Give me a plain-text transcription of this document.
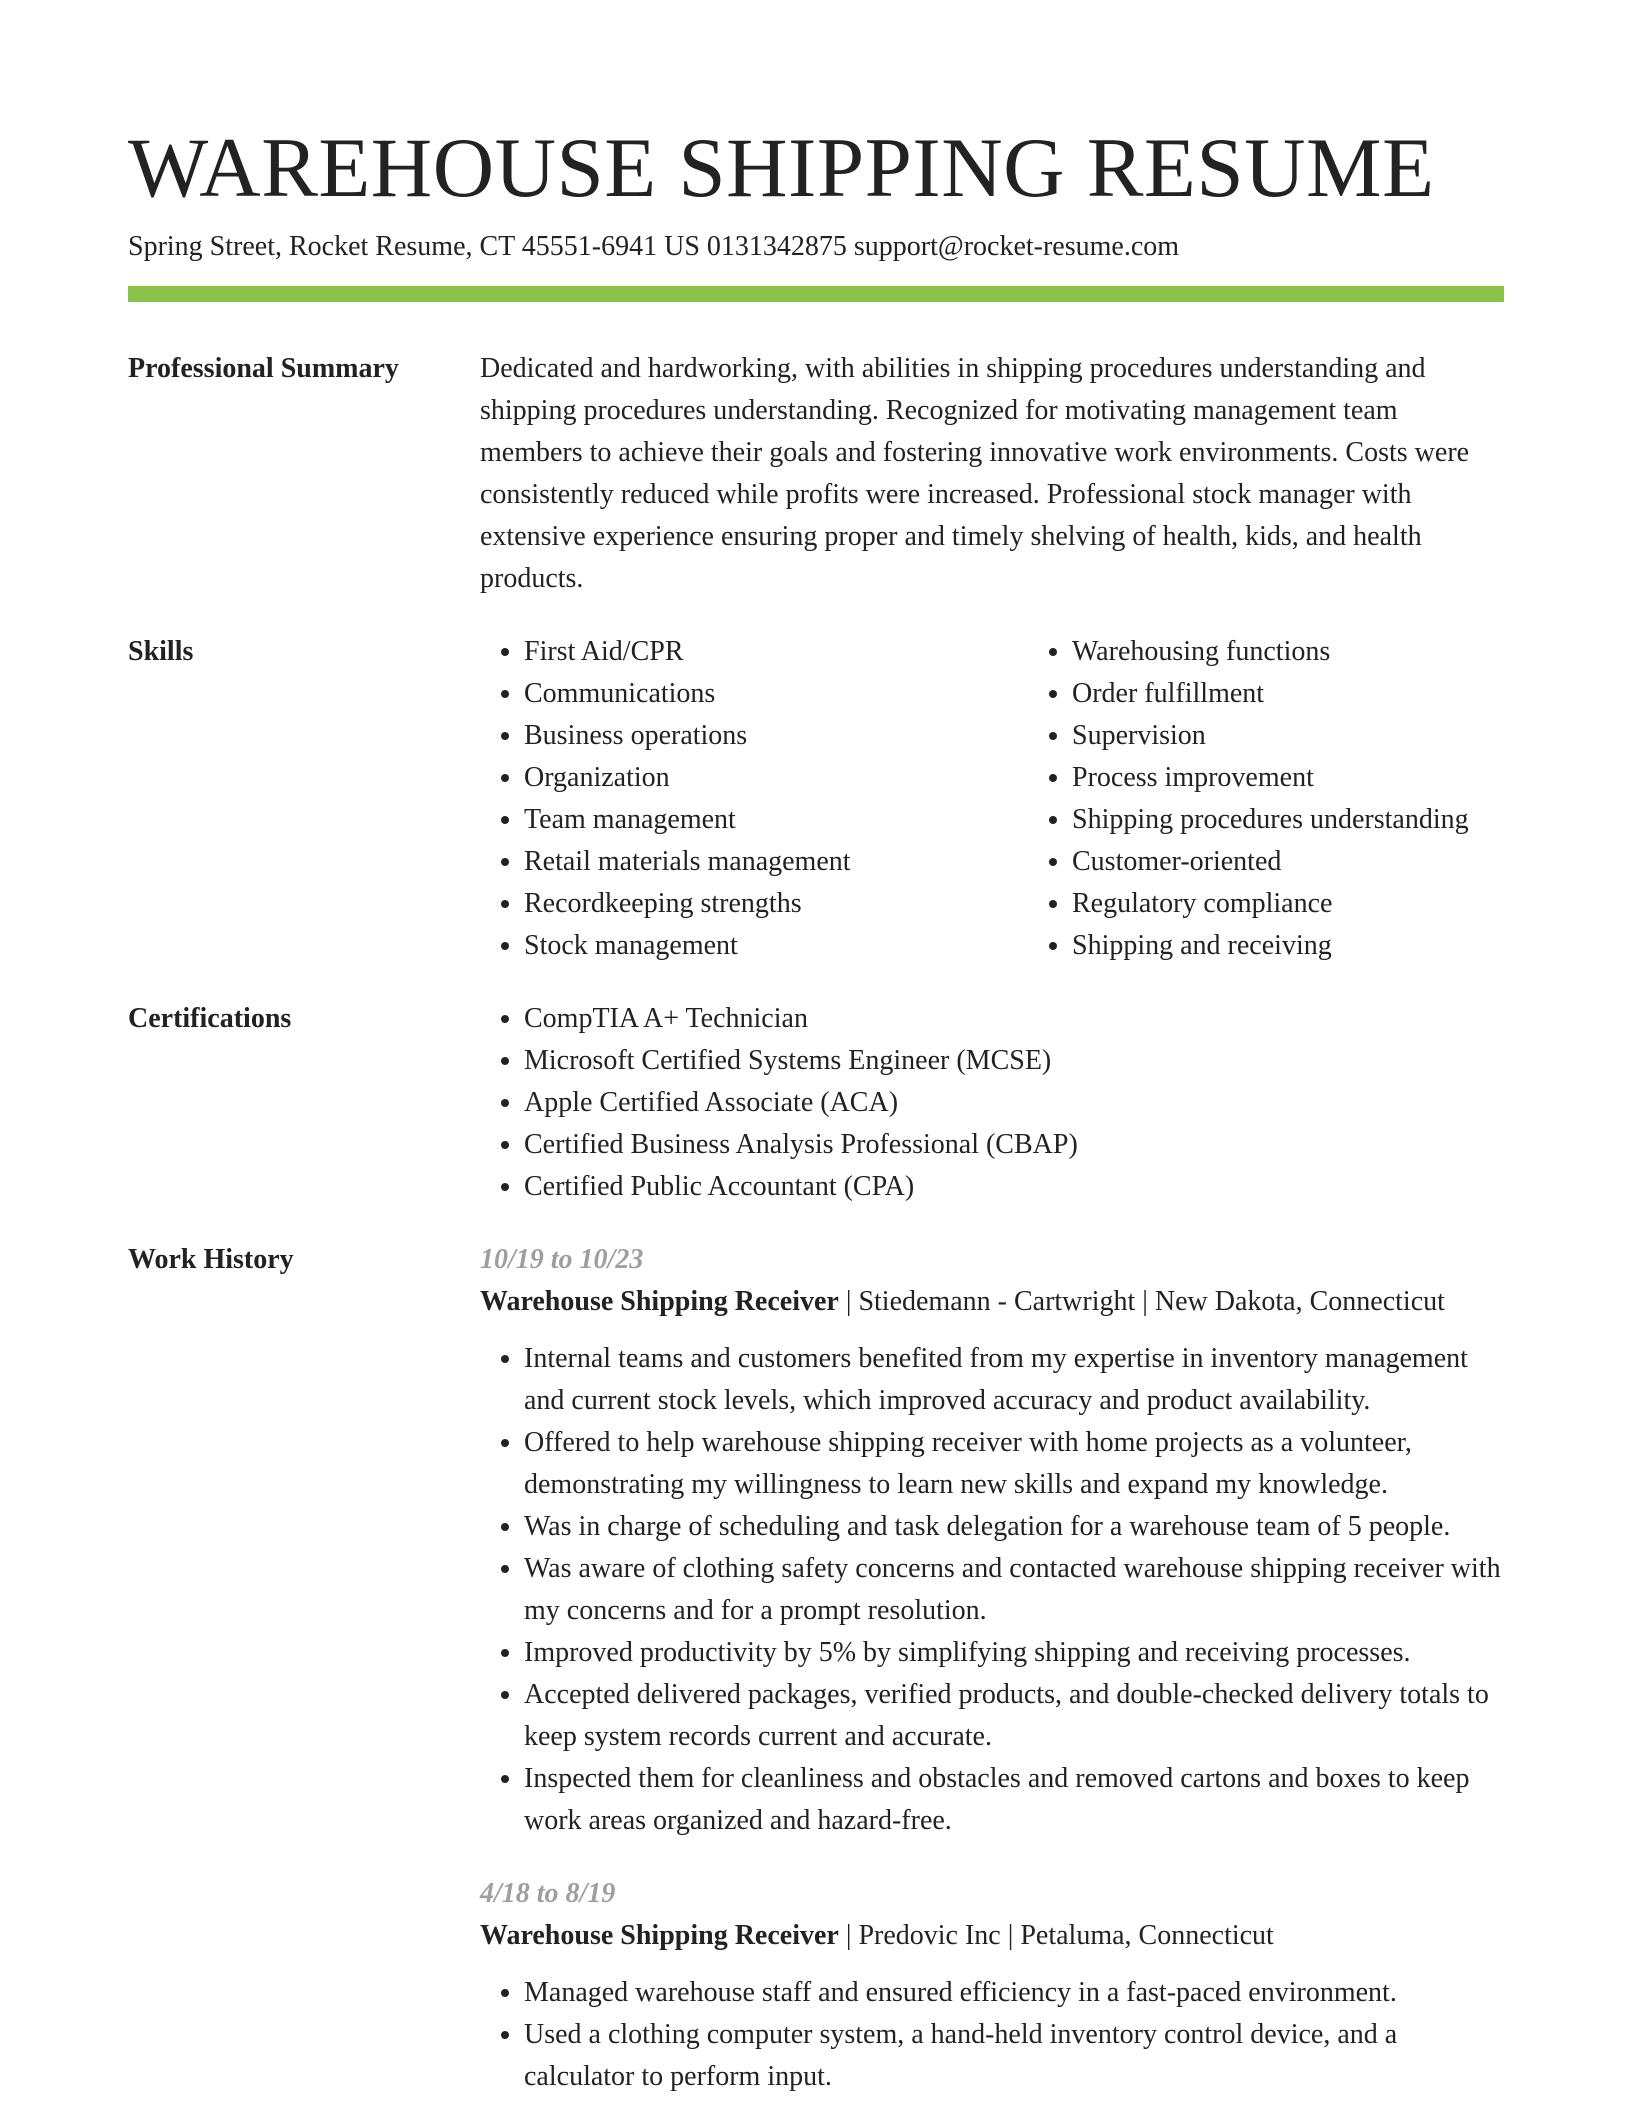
WAREHOUSE SHIPPING RESUME
Spring Street, Rocket Resume, CT 45551-6941 US 0131342875 support@rocket-resume.com
Professional Summary	Dedicated and hardworking, with abilities in shipping procedures understanding and
shipping procedures understanding. Recognized for motivating management team
members to achieve their goals and fostering innovative work environments. Costs were
consistently reduced while profits were increased. Professional stock manager with
extensive experience ensuring proper and timely shelving of health, kids, and health
products.

Skills	• First Aid/CPR
• Communications
• Business operations
• Organization
• Team management
• Retail materials management
• Recordkeeping strengths
• Stock management
• Warehousing functions
• Order fulfillment
• Supervision
• Process improvement
• Shipping procedures understanding
• Customer-oriented
• Regulatory compliance
• Shipping and receiving
Certifications	• CompTIA A+ Technician
• Microsoft Certified Systems Engineer (MCSE)
• Apple Certified Associate (ACA)
• Certified Business Analysis Professional (CBAP)
• Certified Public Accountant (CPA)
Work History	10/19 to 10/23
Warehouse Shipping Receiver | Stiedemann - Cartwright | New Dakota, Connecticut
• Internal teams and customers benefited from my expertise in inventory management and current stock levels, which improved accuracy and product availability.
• Offered to help warehouse shipping receiver with home projects as a volunteer, demonstrating my willingness to learn new skills and expand my knowledge.
• Was in charge of scheduling and task delegation for a warehouse team of 5 people.
• Was aware of clothing safety concerns and contacted warehouse shipping receiver with my concerns and for a prompt resolution.
• Improved productivity by 5% by simplifying shipping and receiving processes.
• Accepted delivered packages, verified products, and double-checked delivery totals to keep system records current and accurate.
• Inspected them for cleanliness and obstacles and removed cartons and boxes to keep work areas organized and hazard-free.
4/18 to 8/19
Warehouse Shipping Receiver | Predovic Inc | Petaluma, Connecticut
• Managed warehouse staff and ensured efficiency in a fast-paced environment.
• Used a clothing computer system, a hand-held inventory control device, and a calculator to perform input.
